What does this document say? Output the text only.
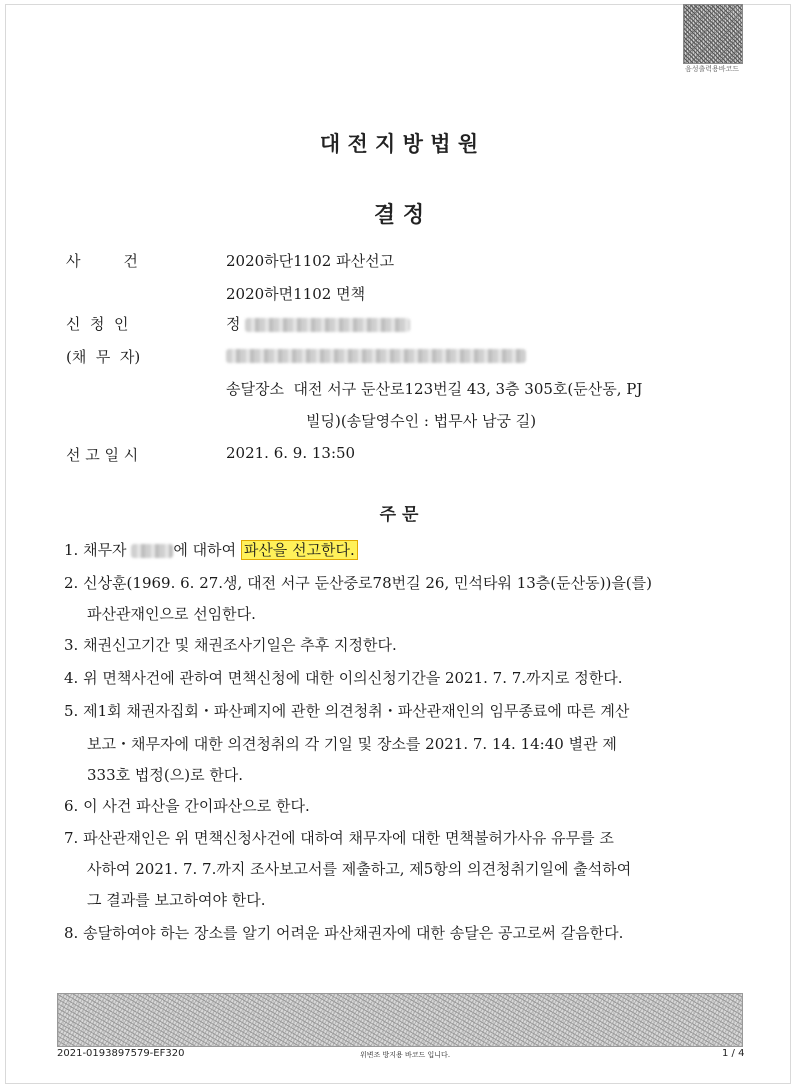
음성출력용바코드
대 전 지 방 법 원
결 정
사         건	2020하단1102 파산선고
2020하면1102 면책
신  청  인	정
(채  무  자)
송달장소 대전 서구 둔산로123번길 43, 3층 305호(둔산동, PJ
빌딩)(송달영수인 : 법무사 남궁 길)
선 고 일 시	2021. 6. 9. 13:50
주 문
1. 채무자	에 대하여 파산을 선고한다.
2. 신상훈(1969. 6. 27.생, 대전 서구 둔산중로78번길 26, 민석타워 13층(둔산동))을(를)
파산관재인으로 선임한다.
3. 채권신고기간 및 채권조사기일은 추후 지정한다.
4. 위 면책사건에 관하여 면책신청에 대한 이의신청기간을 2021. 7. 7.까지로 정한다.
5. 제1회 채권자집회・파산폐지에 관한 의견청취・파산관재인의 임무종료에 따른 계산
보고・채무자에 대한 의견청취의 각 기일 및 장소를 2021. 7. 14. 14:40 별관 제
333호 법정(으)로 한다.
6. 이 사건 파산을 간이파산으로 한다.
7. 파산관재인은 위 면책신청사건에 대하여 채무자에 대한 면책불허가사유 유무를 조
사하여 2021. 7. 7.까지 조사보고서를 제출하고, 제5항의 의견청취기일에 출석하여
그 결과를 보고하여야 한다.
8. 송달하여야 하는 장소를 알기 어려운 파산채권자에 대한 송달은 공고로써 갈음한다.
2021-0193897579-EF320	위변조 방지용 바코드 입니다.	1 / 4
